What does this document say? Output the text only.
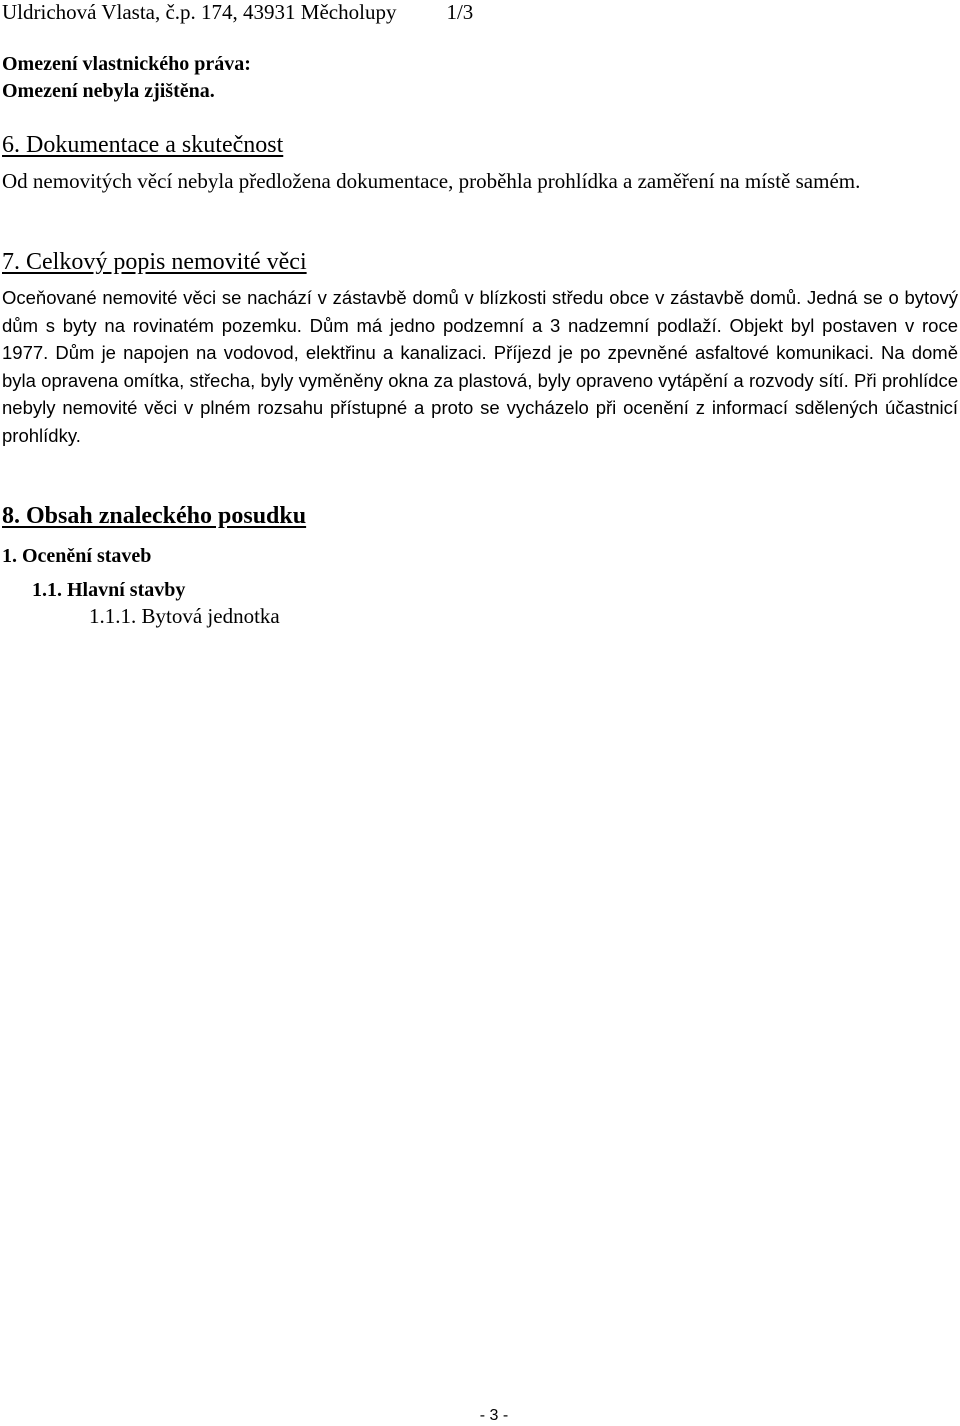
Uldrichová Vlasta, č.p. 174, 43931 Měcholupy 1/3
Omezení vlastnického práva:
Omezení nebyla zjištěna.
6. Dokumentace a skutečnost

Od nemovitých věcí nebyla předložena dokumentace, proběhla prohlídka a zaměření na místě samém.

7. Celkový popis nemovité věci

Oceňované nemovité věci se nachází v zástavbě domů v blízkosti středu obce v zástavbě domů. Jedná se o bytový dům s byty na rovinatém pozemku. Dům má jedno podzemní a 3 nadzemní podlaží. Objekt byl postaven v roce 1977. Dům je napojen na vodovod, elektřinu a kanalizaci. Příjezd je po zpevněné asfaltové komunikaci. Na domě byla opravena omítka, střecha, byly vyměněny okna za plastová, byly opraveno vytápění a rozvody sítí. Při prohlídce nebyly nemovité věci v plném rozsahu přístupné a proto se vycházelo při ocenění z informací sdělených účastnicí prohlídky.

8. Obsah znaleckého posudku
1. Ocenění staveb
1.1. Hlavní stavby
1.1.1. Bytová jednotka
- 3 -
